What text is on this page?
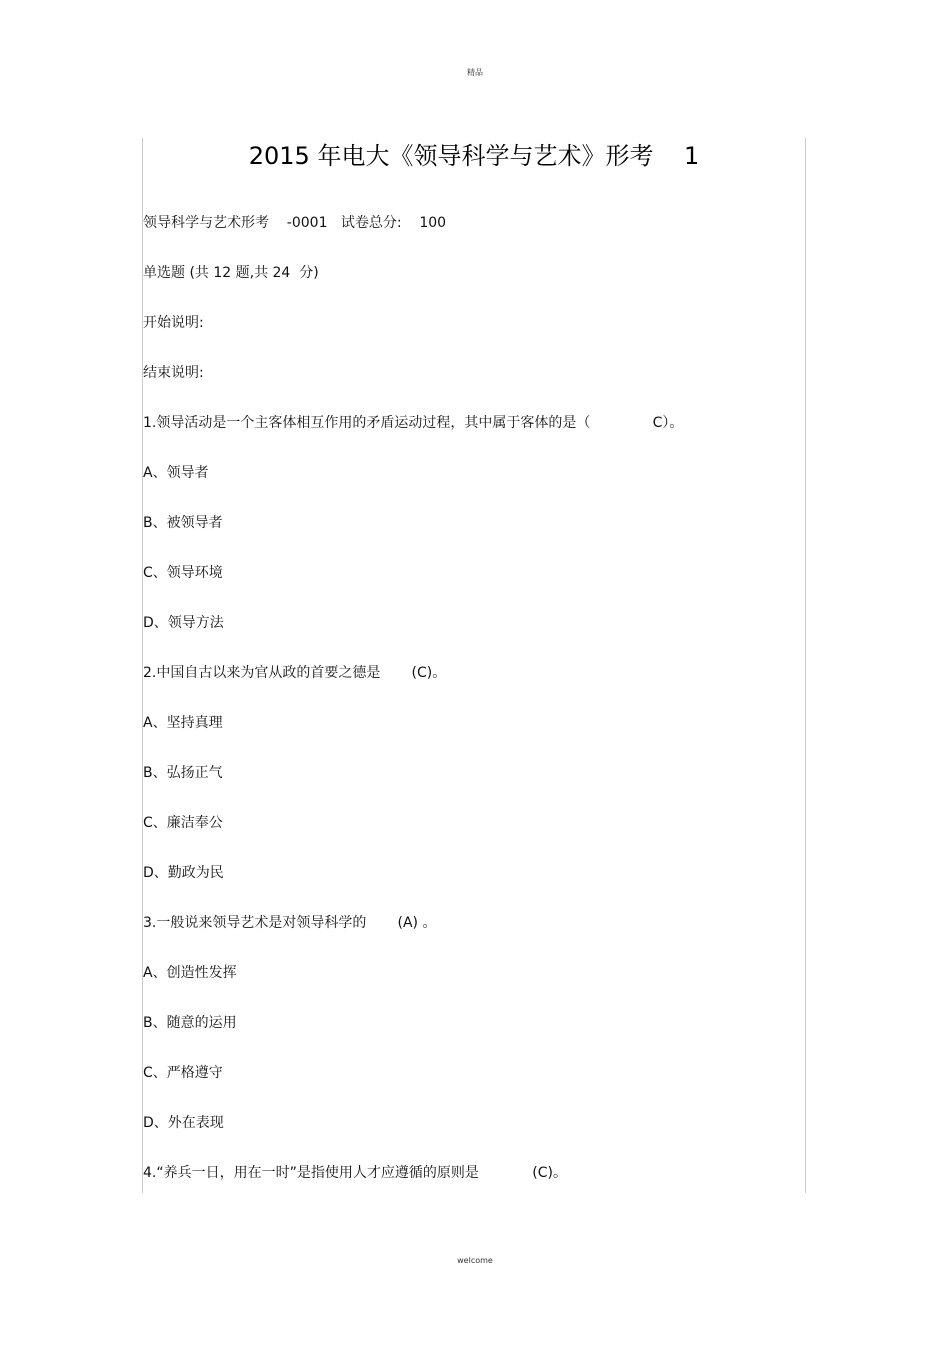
精品
2015 年电大《领导科学与艺术》形考    1
领导科学与艺术形考    -0001   试卷总分:    100
单选题 (共 12 题,共 24  分)
开始说明:
结束说明:
1.领导活动是一个主客体相互作用的矛盾运动过程，其中属于客体的是（              C）。
A、领导者
B、被领导者
C、领导环境
D、领导方法
2.中国自古以来为官从政的首要之德是       (C)。
A、坚持真理
B、弘扬正气
C、廉洁奉公
D、勤政为民
3.一般说来领导艺术是对领导科学的       (A) 。
A、创造性发挥
B、随意的运用
C、严格遵守
D、外在表现
4.“养兵一日，用在一时”是指使用人才应遵循的原则是            (C)。
welcome
